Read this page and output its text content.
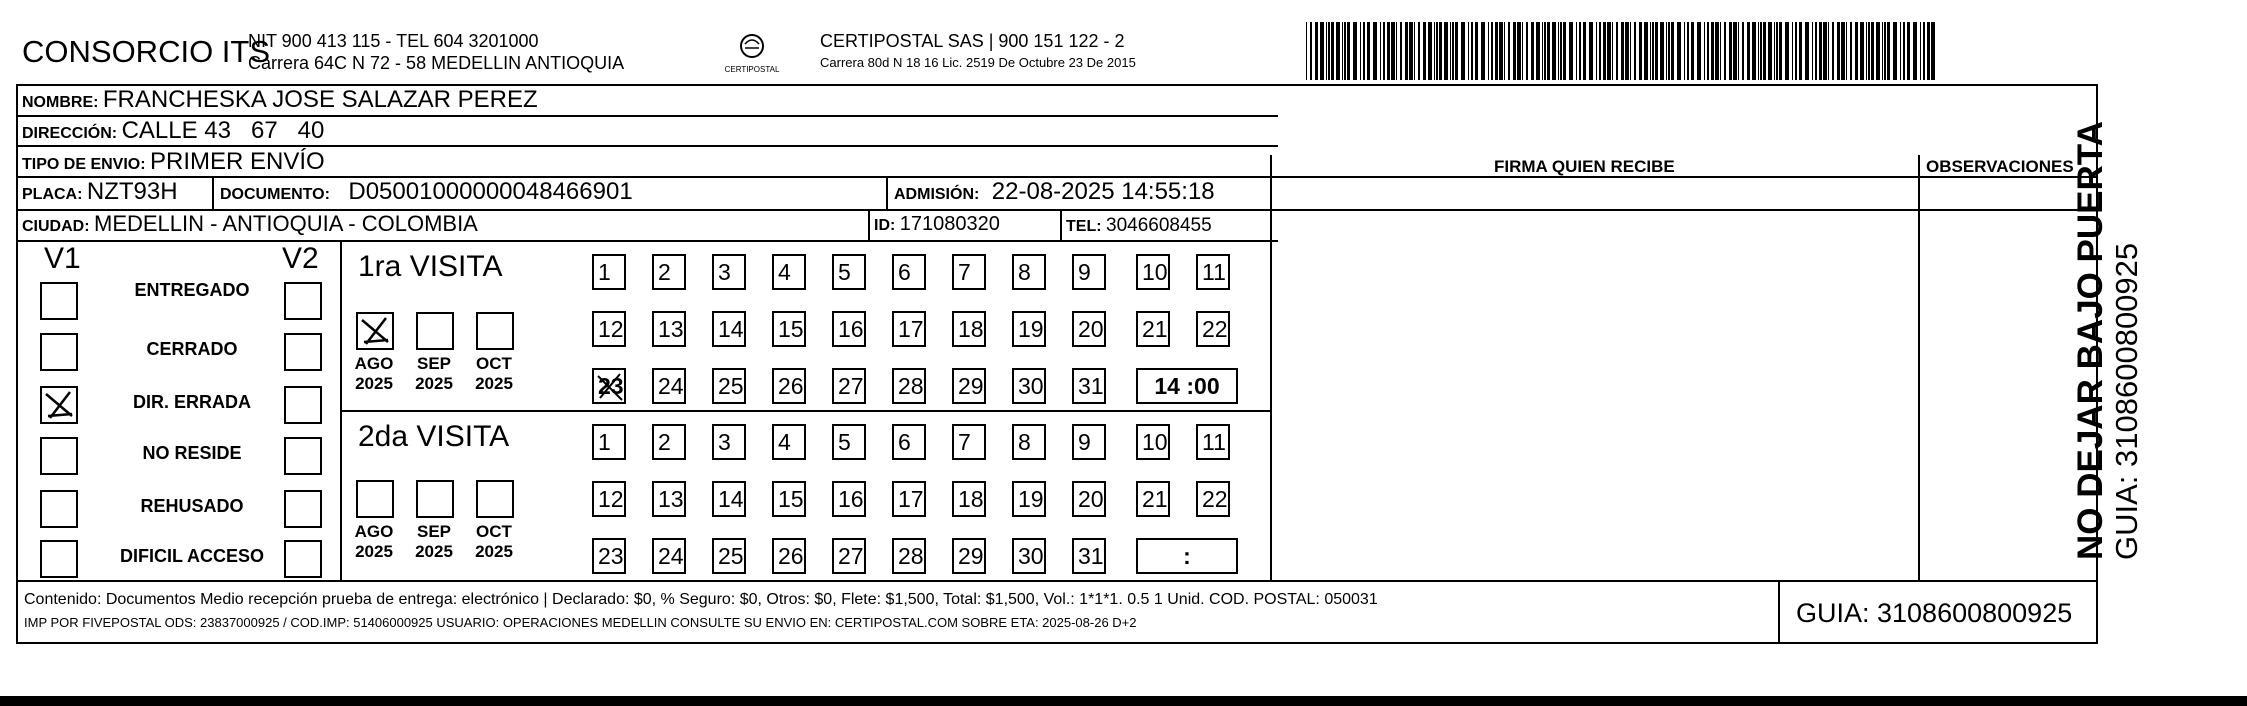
CONSORCIO ITS
NIT 900 413 115 - TEL 604 3201000
Carrera 64C N 72 - 58 MEDELLIN ANTIOQUIA	CERTIPOSTAL
CERTIPOSTAL SAS | 900 151 122 - 2
Carrera 80d N 18 16 Lic. 2519 De Octubre 23 De 2015
NOMBRE: FRANCHESKA JOSE SALAZAR PEREZ
DIRECCIÓN: CALLE 43   67   40
TIPO DE ENVIO: PRIMER ENVÍO	FIRMA QUIEN RECIBE	OBSERVACIONES
PLACA: NZT93H	DOCUMENTO: D05001000000048466901	ADMISIÓN: 22-08-2025 14:55:18
CIUDAD: MEDELLIN - ANTIOQUIA - COLOMBIA	ID: 171080320	TEL: 3046608455
V1	V2
ENTREGADO
CERRADO
DIR. ERRADA
NO RESIDE
REHUSADO
DIFICIL ACCESO
1ra VISITA
2da VISITA
AGO
2025
SEP
2025
OCT
2025
AGO
2025
SEP
2025
OCT
2025
1	2	3	4	5	6	7	8	9	10 11
12 13 14 15 16 17 18 19 20 21 22
23 24 25 26 27 28 29 30 31	14 :00
1	2	3	4	5	6	7	8	9	10 11
12 13 14 15 16 17 18 19 20 21 22
23 24 25 26 27 28 29 30 31	:
Contenido: Documentos Medio recepción prueba de entrega: electrónico | Declarado: $0, % Seguro: $0, Otros: $0, Flete: $1,500, Total: $1,500, Vol.: 1*1*1. 0.5 1 Unid. COD. POSTAL: 050031
IMP POR FIVEPOSTAL ODS: 23837000925 / COD.IMP: 51406000925 USUARIO: OPERACIONES MEDELLIN CONSULTE SU ENVIO EN: CERTIPOSTAL.COM SOBRE ETA: 2025-08-26 D+2	GUIA: 3108600800925
NO DEJAR BAJO PUERTA GUIA: 3108600800925
